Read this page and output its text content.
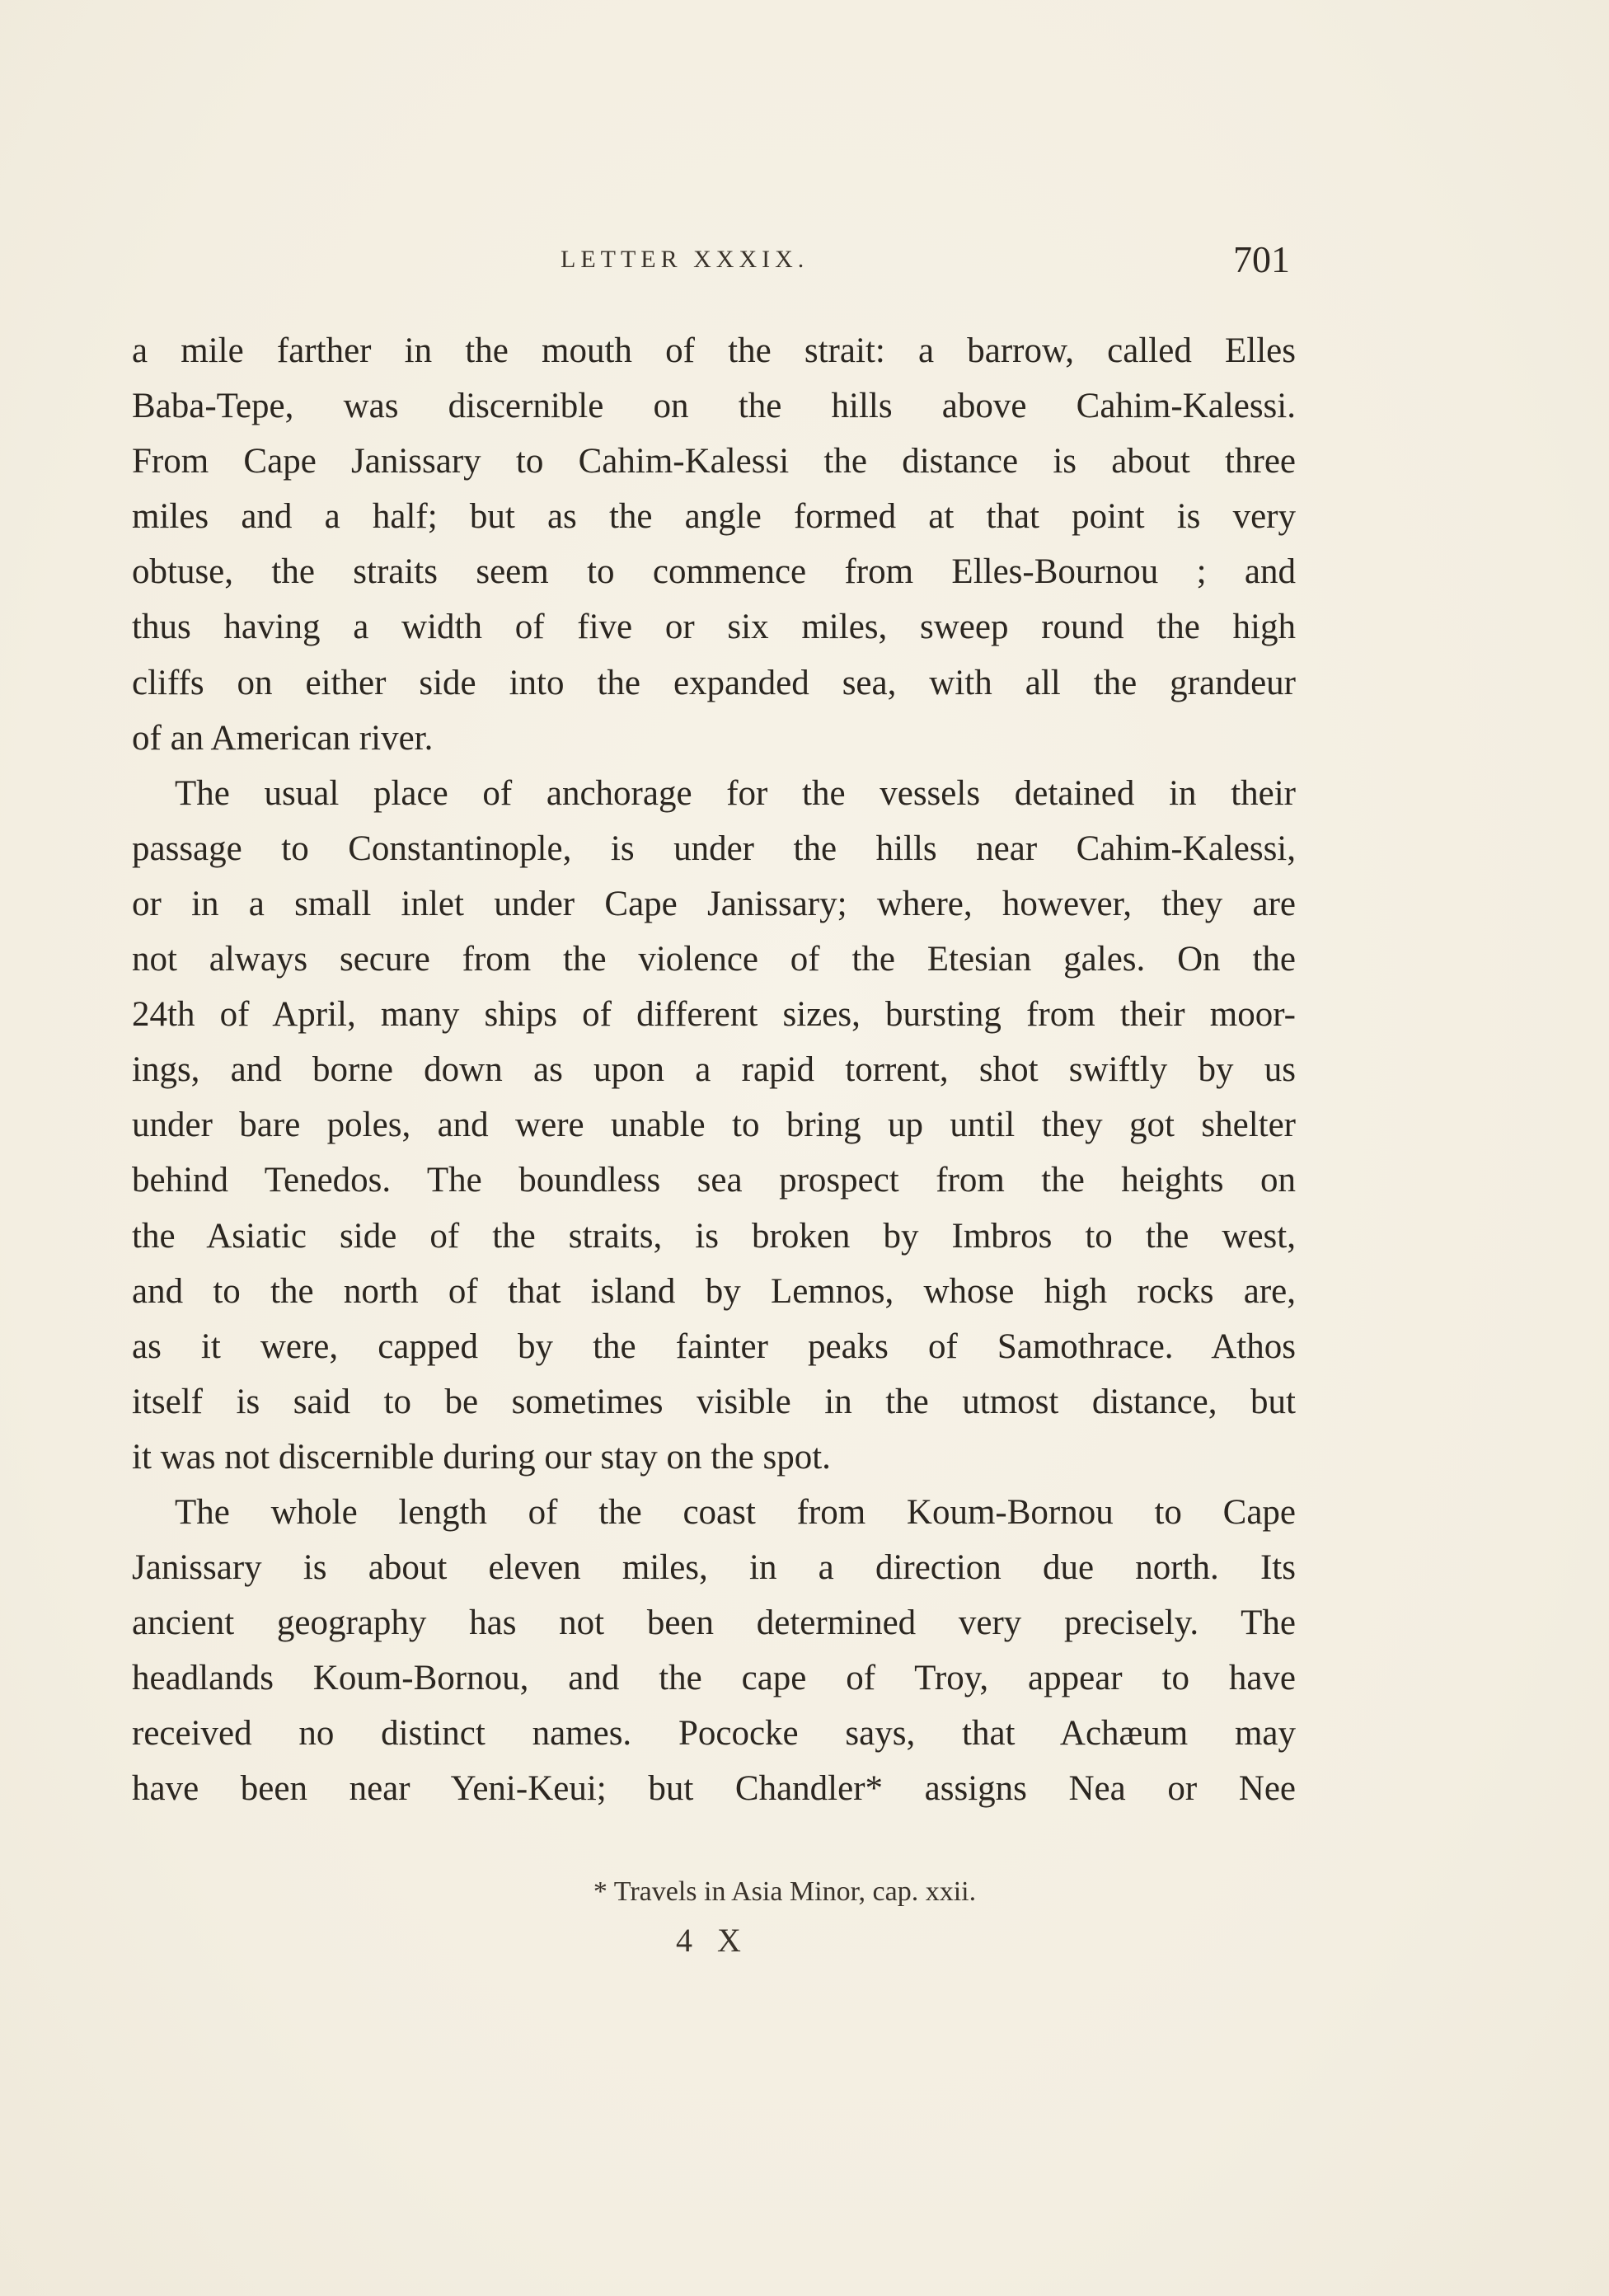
LETTER XXXIX.	701
a mile farther in the mouth of the strait: a barrow, called Elles
Baba-Tepe, was discernible on the hills above Cahim-Kalessi.
From Cape Janissary to Cahim-Kalessi the distance is about three
miles and a half; but as the angle formed at that point is very
obtuse, the straits seem to commence from Elles-Bournou ; and
thus having a width of five or six miles, sweep round the high
cliffs on either side into the expanded sea, with all the grandeur
of an American river.
The usual place of anchorage for the vessels detained in their
passage to Constantinople, is under the hills near Cahim-Kalessi,
or in a small inlet under Cape Janissary; where, however, they are
not always secure from the violence of the Etesian gales. On the
24th of April, many ships of different sizes, bursting from their moor-
ings, and borne down as upon a rapid torrent, shot swiftly by us
under bare poles, and were unable to bring up until they got shelter
behind Tenedos. The boundless sea prospect from the heights on
the Asiatic side of the straits, is broken by Imbros to the west,
and to the north of that island by Lemnos, whose high rocks are,
as it were, capped by the fainter peaks of Samothrace. Athos
itself is said to be sometimes visible in the utmost distance, but
it was not discernible during our stay on the spot.
The whole length of the coast from Koum-Bornou to Cape
Janissary is about eleven miles, in a direction due north. Its
ancient geography has not been determined very precisely. The
headlands Koum-Bornou, and the cape of Troy, appear to have
received no distinct names. Pococke says, that Achæum may
have been near Yeni-Keui; but Chandler* assigns Nea or Nee
* Travels in Asia Minor, cap. xxii.
4 X
